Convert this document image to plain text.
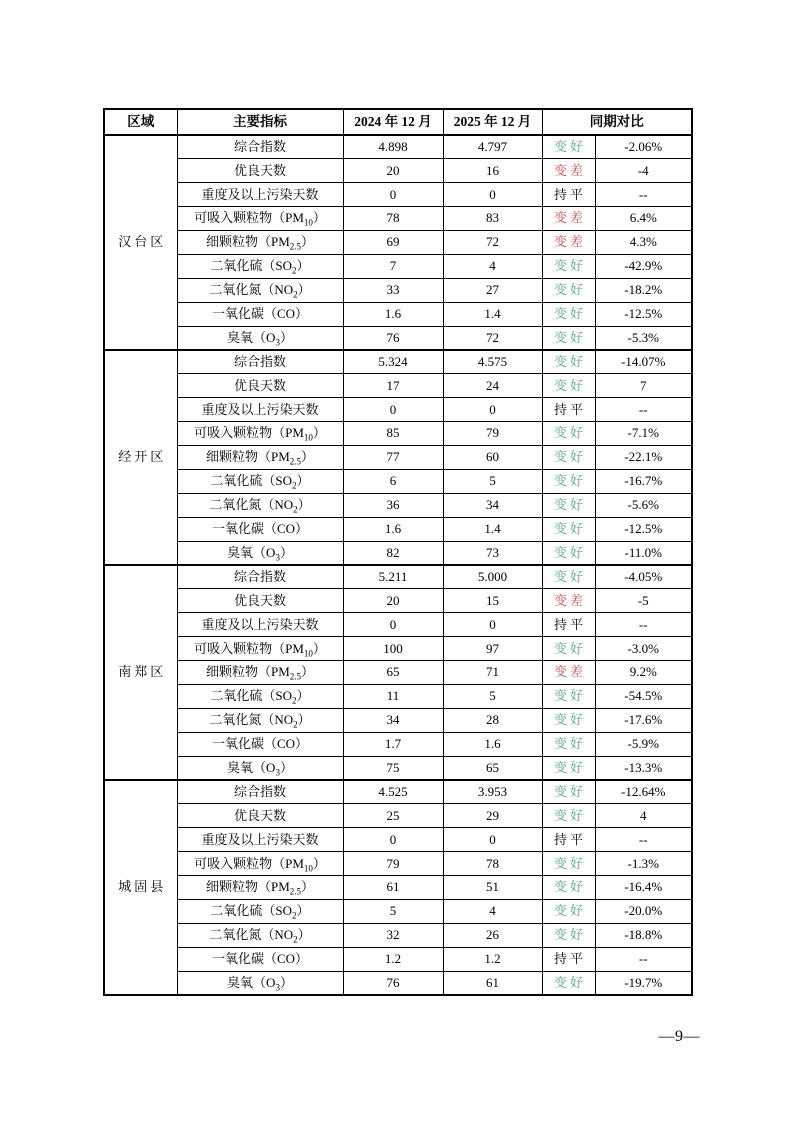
区域	主要指标	2024 年 12 月	2025 年 12 月	同期对比	
汉台区	综合指数	4.898	4.797	变好	-2.06%
	优良天数	20	16	变差	-4
	重度及以上污染天数	0	0	持平	--
	可吸入颗粒物$(PM_{10})$	78	83	变差	6.4%
	细颗粒物$(PM_{2.5})$	69	72	变差	4.3%
	二氧化硫$(SO_2)$	7	4	变好	-42.9%
	二氧化氮$(NO_2)$	33	27	变好	-18.2%
	一氧化碳（CO）	1.6	1.4	变好	-12.5%
	臭氧$(O_3)$	76	72	变好	-5.3%
经开区	综合指数	5.324	4.575	变好	-14.07%
	优良天数	17	24	变好	7
	重度及以上污染天数	0	0	持平	--
	可吸入颗粒物$(PM_{10})$	85	79	变好	-7.1%
	细颗粒物$(PM_{2.5})$	77	60	变好	-22.1%
	二氧化硫$(SO_2)$	6	5	变好	-16.7%
	二氧化氮$(NO_2)$	36	34	变好	-5.6%
	一氧化碳（CO）	1.6	1.4	变好	-12.5%
	臭氧$(O_3)$	82	73	变好	-11.0%
南郑区	综合指数	5.211	5.000	变好	-4.05%
	优良天数	20	15	变差	-5
	重度及以上污染天数	0	0	持平	--
	可吸入颗粒物$(PM_{10})$	100	97	变好	-3.0%
	细颗粒物$(PM_{2.5})$	65	71	变差	9.2%
	二氧化硫$(SO_2)$	11	5	变好	-54.5%
	二氧化氮$(NO_2)$	34	28	变好	-17.6%
	一氧化碳（CO）	1.7	1.6	变好	-5.9%
	臭氧$(O_3)$	75	65	变好	-13.3%
城固县	综合指数	4.525	3.953	变好	-12.64%
	优良天数	25	29	变好	4
	重度及以上污染天数	0	0	持平	--
	可吸入颗粒物$(PM_{10})$	79	78	变好	-1.3%
	细颗粒物$(PM_{2.5})$	61	51	变好	-16.4%
	二氧化硫$(SO_2)$	5	4	变好	-20.0%
	二氧化氮$(NO_2)$	32	26	变好	-18.8%
	一氧化碳（CO）	1.2	1.2	持平	--
	臭氧$(O_3)$	76	61	变好	-19.7%
—9—
